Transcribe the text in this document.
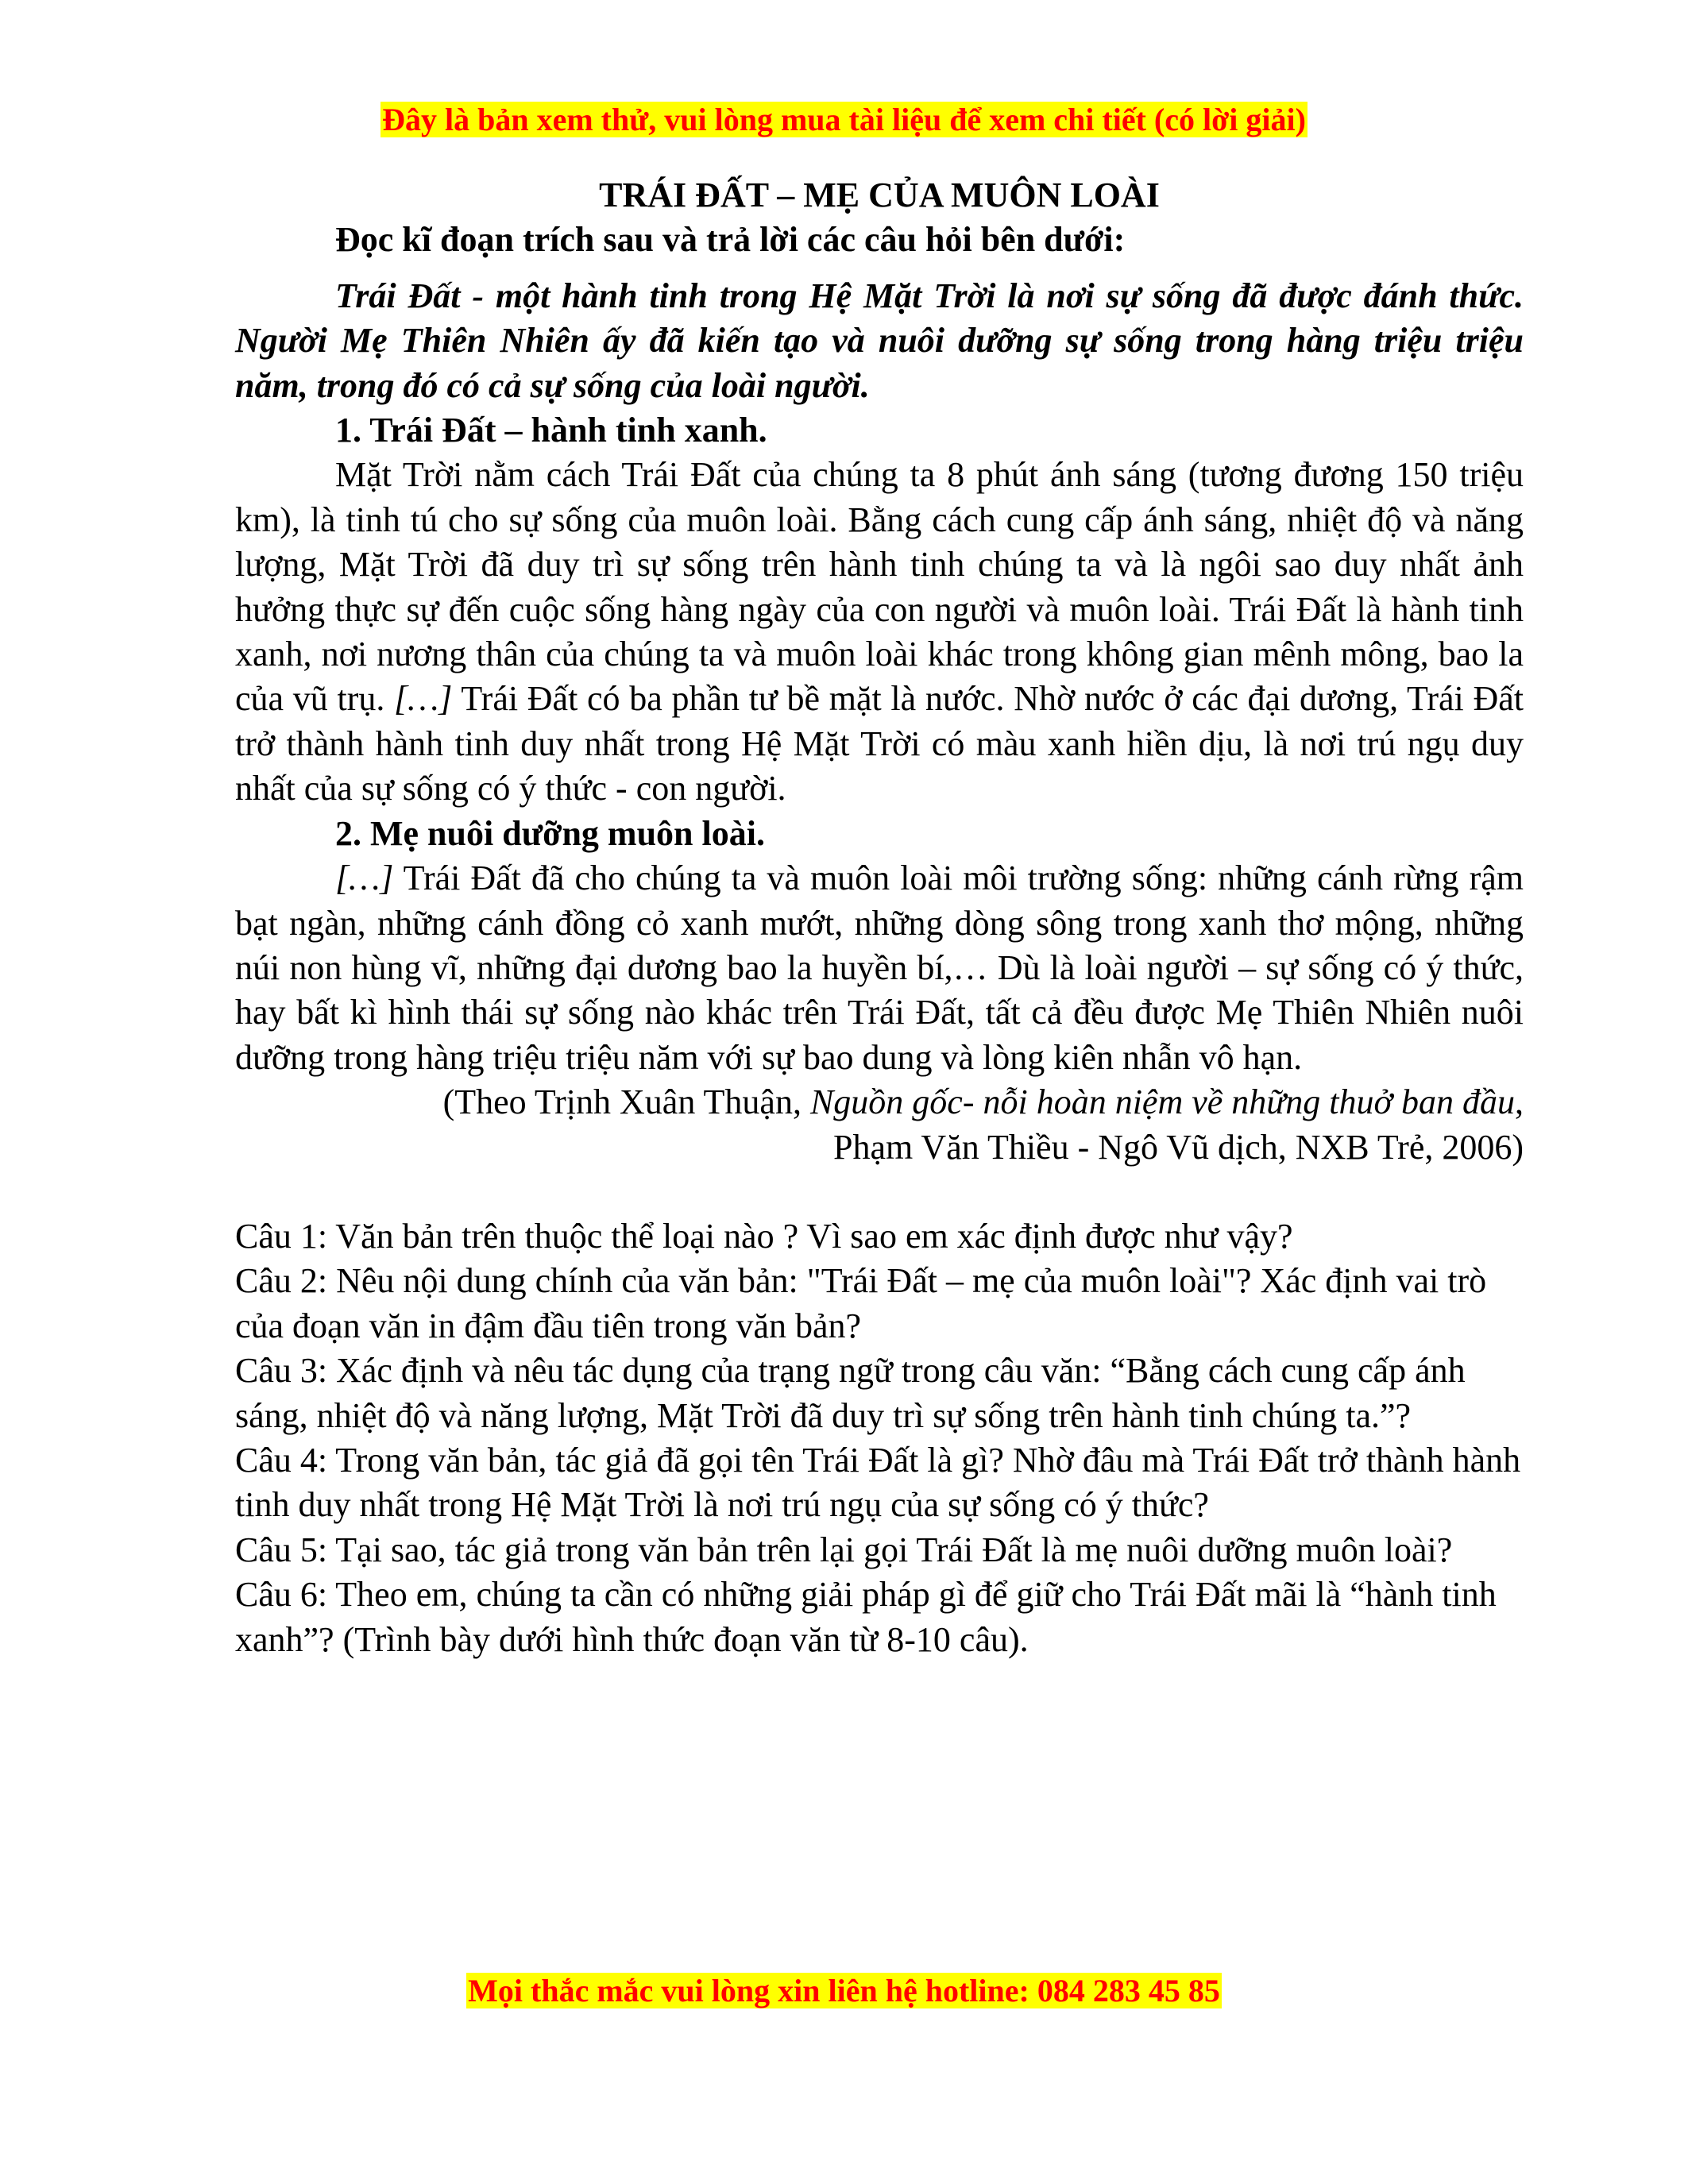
Đây là bản xem thử, vui lòng mua tài liệu để xem chi tiết (có lời giải)

TRÁI ĐẤT – MẸ CỦA MUÔN LOÀI

Đọc kĩ đoạn trích sau và trả lời các câu hỏi bên dưới:

Trái Đất - một hành tinh trong Hệ Mặt Trời là nơi sự sống đã được đánh thức. Người Mẹ Thiên Nhiên ấy đã kiến tạo và nuôi dưỡng sự sống trong hàng triệu triệu năm, trong đó có cả sự sống của loài người.

1. Trái Đất – hành tinh xanh.

Mặt Trời nằm cách Trái Đất của chúng ta 8 phút ánh sáng (tương đương 150 triệu km), là tinh tú cho sự sống của muôn loài. Bằng cách cung cấp ánh sáng, nhiệt độ và năng lượng, Mặt Trời đã duy trì sự sống trên hành tinh chúng ta và là ngôi sao duy nhất ảnh hưởng thực sự đến cuộc sống hàng ngày của con người và muôn loài. Trái Đất là hành tinh xanh, nơi nương thân của chúng ta và muôn loài khác trong không gian mênh mông, bao la của vũ trụ. […] Trái Đất có ba phần tư bề mặt là nước. Nhờ nước ở các đại dương, Trái Đất trở thành hành tinh duy nhất trong Hệ Mặt Trời có màu xanh hiền dịu, là nơi trú ngụ duy nhất của sự sống có ý thức - con người.

2. Mẹ nuôi dưỡng muôn loài.

[…] Trái Đất đã cho chúng ta và muôn loài môi trường sống: những cánh rừng rậm bạt ngàn, những cánh đồng cỏ xanh mướt, những dòng sông trong xanh thơ mộng, những núi non hùng vĩ, những đại dương bao la huyền bí,… Dù là loài người – sự sống có ý thức, hay bất kì hình thái sự sống nào khác trên Trái Đất, tất cả đều được Mẹ Thiên Nhiên nuôi dưỡng trong hàng triệu triệu năm với sự bao dung và lòng kiên nhẫn vô hạn.

(Theo Trịnh Xuân Thuận, Nguồn gốc- nỗi hoàn niệm về những thuở ban đầu,

Phạm Văn Thiều - Ngô Vũ dịch, NXB Trẻ, 2006)

Câu 1: Văn bản trên thuộc thể loại nào ? Vì sao em xác định được như vậy?

Câu 2: Nêu nội dung chính của văn bản: "Trái Đất – mẹ của muôn loài"? Xác định vai trò của đoạn văn in đậm đầu tiên trong văn bản?

Câu 3: Xác định và nêu tác dụng của trạng ngữ trong câu văn: “Bằng cách cung cấp ánh sáng, nhiệt độ và năng lượng, Mặt Trời đã duy trì sự sống trên hành tinh chúng ta.”?

Câu 4: Trong văn bản, tác giả đã gọi tên Trái Đất là gì? Nhờ đâu mà Trái Đất trở thành hành tinh duy nhất trong Hệ Mặt Trời là nơi trú ngụ của sự sống có ý thức?

Câu 5: Tại sao, tác giả trong văn bản trên lại gọi Trái Đất là mẹ nuôi dưỡng muôn loài?

Câu 6: Theo em, chúng ta cần có những giải pháp gì để giữ cho Trái Đất mãi là “hành tinh xanh”? (Trình bày dưới hình thức đoạn văn từ 8-10 câu).

Mọi thắc mắc vui lòng xin liên hệ hotline: 084 283 45 85
